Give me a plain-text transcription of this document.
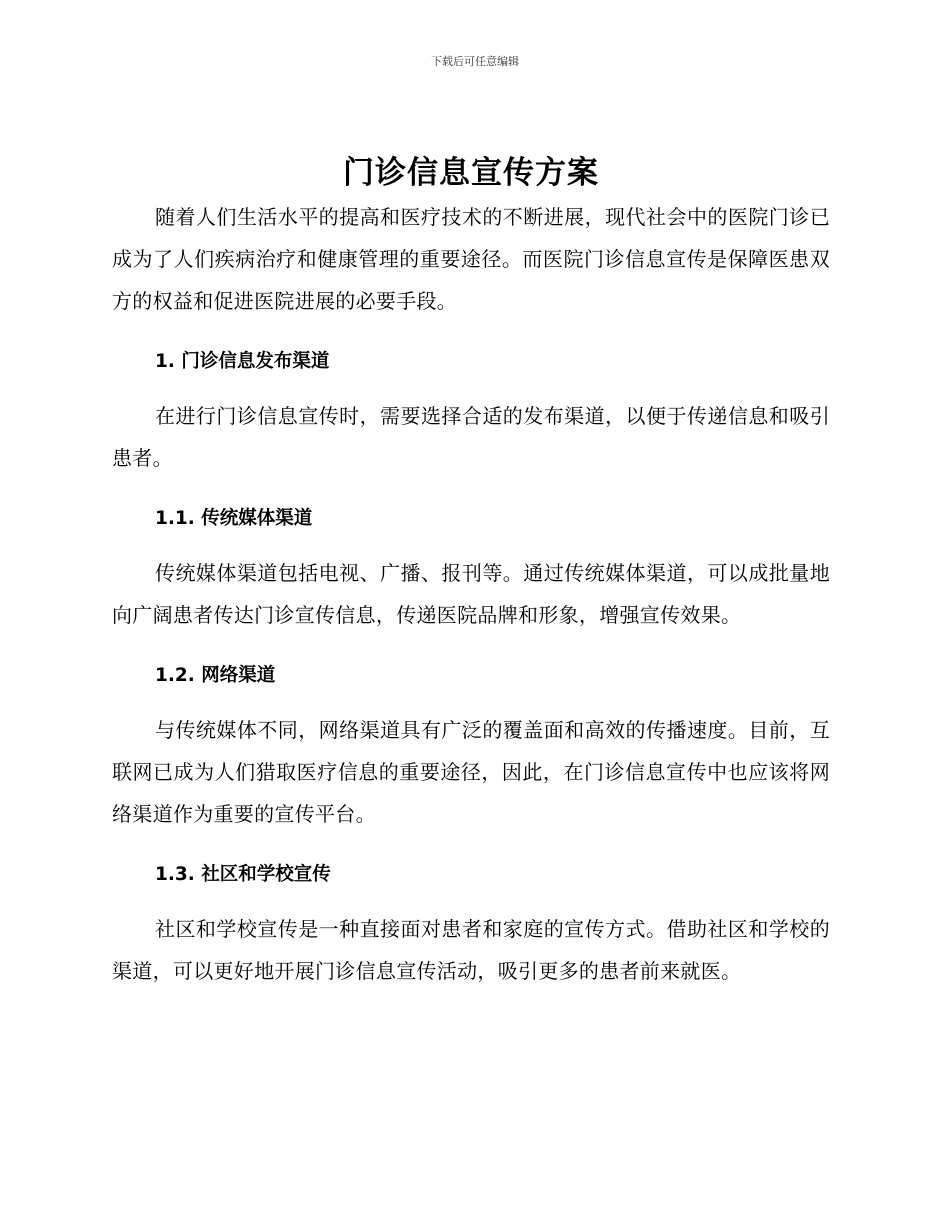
下载后可任意编辑
门诊信息宣传方案

随着人们生活水平的提高和医疗技术的不断进展，现代社会中的医院门诊已成为了人们疾病治疗和健康管理的重要途径。而医院门诊信息宣传是保障医患双方的权益和促进医院进展的必要手段。

1. 门诊信息发布渠道

在进行门诊信息宣传时，需要选择合适的发布渠道，以便于传递信息和吸引患者。

1.1. 传统媒体渠道

传统媒体渠道包括电视、广播、报刊等。通过传统媒体渠道，可以成批量地向广阔患者传达门诊宣传信息，传递医院品牌和形象，增强宣传效果。

1.2. 网络渠道

与传统媒体不同，网络渠道具有广泛的覆盖面和高效的传播速度。目前，互联网已成为人们猎取医疗信息的重要途径，因此，在门诊信息宣传中也应该将网络渠道作为重要的宣传平台。

1.3. 社区和学校宣传

社区和学校宣传是一种直接面对患者和家庭的宣传方式。借助社区和学校的渠道，可以更好地开展门诊信息宣传活动，吸引更多的患者前来就医。
